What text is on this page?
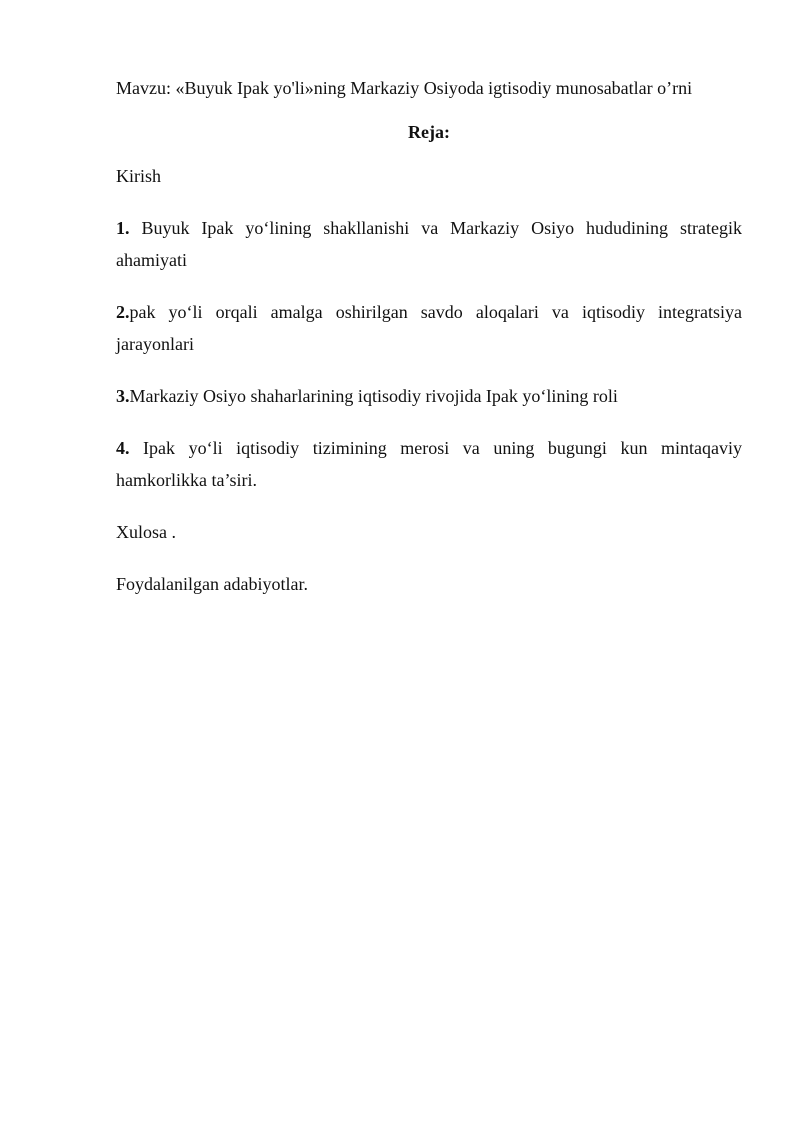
Mavzu: «Buyuk Ipak yo'li»ning Markaziy Osiyoda igtisodiy munosabatlar o’rni

Reja:

Kirish

1. Buyuk Ipak yo‘lining shakllanishi va Markaziy Osiyo hududining strategik ahamiyati

2.pak yo‘li orqali amalga oshirilgan savdo aloqalari va iqtisodiy integratsiya jarayonlari

3.Markaziy Osiyo shaharlarining iqtisodiy rivojida Ipak yo‘lining roli

4. Ipak yo‘li iqtisodiy tizimining merosi va uning bugungi kun mintaqaviy hamkorlikka ta’siri.

Xulosa .

Foydalanilgan adabiyotlar.
